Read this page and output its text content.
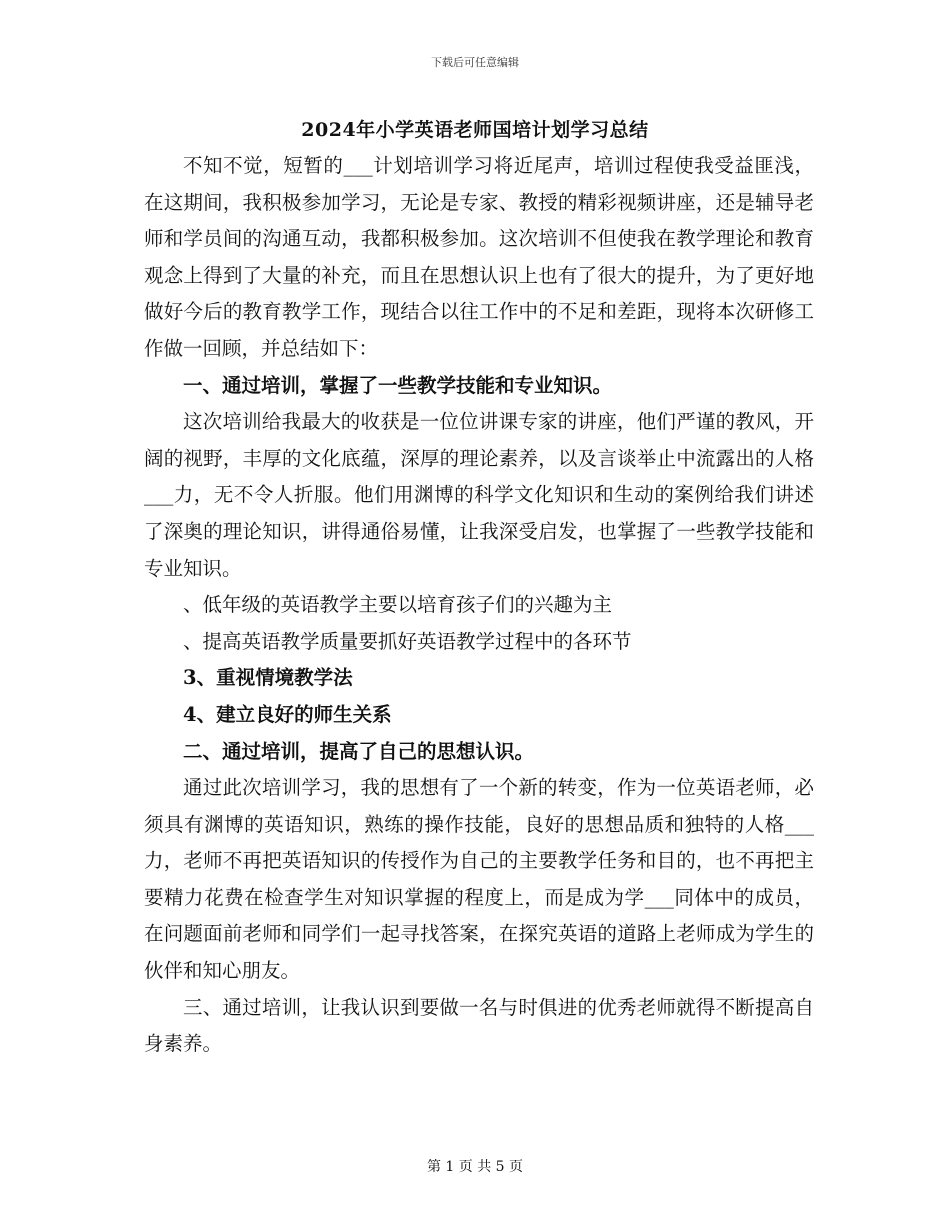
下载后可任意编辑
2024年小学英语老师国培计划学习总结

不知不觉，短暂的___计划培训学习将近尾声，培训过程使我受益匪浅，在这期间，我积极参加学习，无论是专家、教授的精彩视频讲座，还是辅导老师和学员间的沟通互动，我都积极参加。这次培训不但使我在教学理论和教育观念上得到了大量的补充，而且在思想认识上也有了很大的提升，为了更好地做好今后的教育教学工作，现结合以往工作中的不足和差距，现将本次研修工作做一回顾，并总结如下：

一、通过培训，掌握了一些教学技能和专业知识。

这次培训给我最大的收获是一位位讲课专家的讲座，他们严谨的教风，开阔的视野，丰厚的文化底蕴，深厚的理论素养，以及言谈举止中流露出的人格___力，无不令人折服。他们用渊博的科学文化知识和生动的案例给我们讲述了深奥的理论知识，讲得通俗易懂，让我深受启发，也掌握了一些教学技能和专业知识。

、低年级的英语教学主要以培育孩子们的兴趣为主

、提高英语教学质量要抓好英语教学过程中的各环节

3、重视情境教学法

4、建立良好的师生关系

二、通过培训，提高了自己的思想认识。

通过此次培训学习，我的思想有了一个新的转变，作为一位英语老师，必须具有渊博的英语知识，熟练的操作技能，良好的思想品质和独特的人格___力，老师不再把英语知识的传授作为自己的主要教学任务和目的，也不再把主要精力花费在检查学生对知识掌握的程度上，而是成为学___同体中的成员，在问题面前老师和同学们一起寻找答案，在探究英语的道路上老师成为学生的伙伴和知心朋友。

三、通过培训，让我认识到要做一名与时俱进的优秀老师就得不断提高自身素养。

第 1 页 共 5 页
